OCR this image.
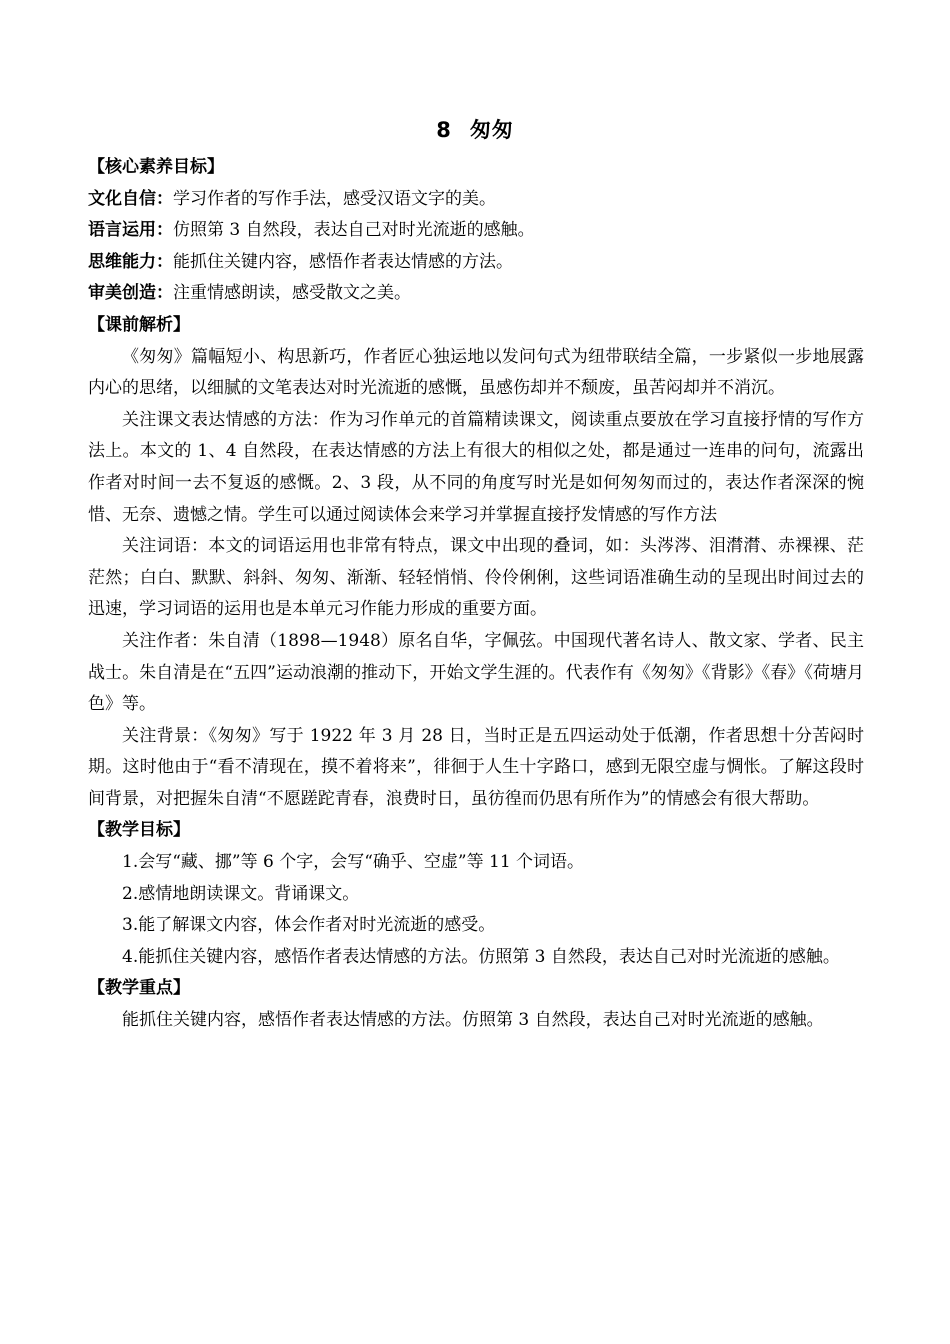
8 匆匆

【核心素养目标】

文化自信：学习作者的写作手法，感受汉语文字的美。

语言运用：仿照第 3 自然段，表达自己对时光流逝的感触。

思维能力：能抓住关键内容，感悟作者表达情感的方法。

审美创造：注重情感朗读，感受散文之美。

【课前解析】

《匆匆》篇幅短小、构思新巧，作者匠心独运地以发问句式为纽带联结全篇，一步紧似一步地展露内心的思绪，以细腻的文笔表达对时光流逝的感慨，虽感伤却并不颓废，虽苦闷却并不消沉。

关注课文表达情感的方法：作为习作单元的首篇精读课文，阅读重点要放在学习直接抒情的写作方法上。本文的 1、4 自然段，在表达情感的方法上有很大的相似之处，都是通过一连串的问句，流露出作者对时间一去不复返的感慨。2、3 段，从不同的角度写时光是如何匆匆而过的，表达作者深深的惋惜、无奈、遗憾之情。学生可以通过阅读体会来学习并掌握直接抒发情感的写作方法

关注词语：本文的词语运用也非常有特点，课文中出现的叠词，如：头涔涔、泪潸潸、赤裸裸、茫茫然；白白、默默、斜斜、匆匆、渐渐、轻轻悄悄、伶伶俐俐，这些词语准确生动的呈现出时间过去的迅速，学习词语的运用也是本单元习作能力形成的重要方面。

关注作者：朱自清（1898—1948）原名自华，字佩弦。中国现代著名诗人、散文家、学者、民主战士。朱自清是在“五四”运动浪潮的推动下，开始文学生涯的。代表作有《匆匆》《背影》《春》《荷塘月色》等。

关注背景：《匆匆》写于 1922 年 3 月 28 日，当时正是五四运动处于低潮，作者思想十分苦闷时期。这时他由于“看不清现在，摸不着将来”，徘徊于人生十字路口，感到无限空虚与惆怅。了解这段时间背景，对把握朱自清“不愿蹉跎青春，浪费时日，虽彷徨而仍思有所作为”的情感会有很大帮助。

【教学目标】

1.会写“藏、挪”等 6 个字，会写“确乎、空虚”等 11 个词语。

2.感情地朗读课文。背诵课文。

3.能了解课文内容，体会作者对时光流逝的感受。

4.能抓住关键内容，感悟作者表达情感的方法。仿照第 3 自然段，表达自己对时光流逝的感触。

【教学重点】

能抓住关键内容，感悟作者表达情感的方法。仿照第 3 自然段，表达自己对时光流逝的感触。
